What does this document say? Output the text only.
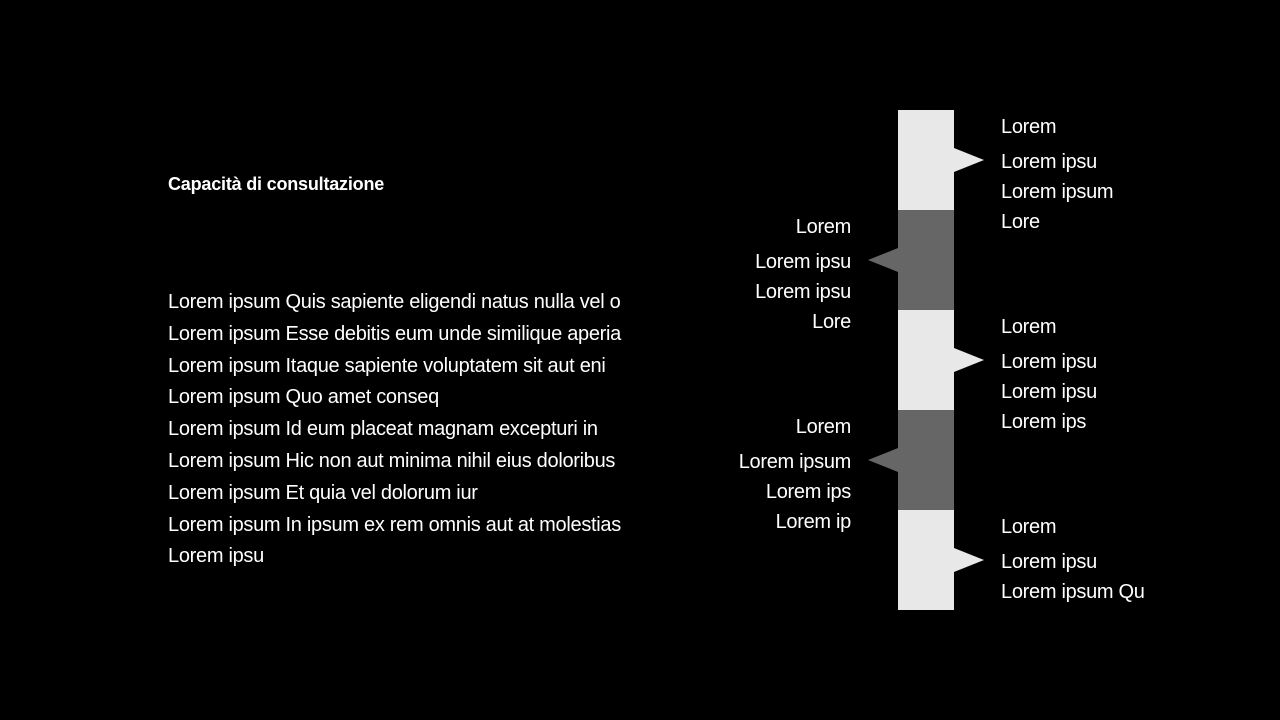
Capacità di consultazione
Lorem ipsum Quis sapiente eligendi natus nulla vel o
Lorem ipsum Esse debitis eum unde similique aperia
Lorem ipsum Itaque sapiente voluptatem sit aut eni
Lorem ipsum Quo amet conseq
Lorem ipsum Id eum placeat magnam excepturi in
Lorem ipsum Hic non aut minima nihil eius doloribus
Lorem ipsum Et quia vel dolorum iur
Lorem ipsum In ipsum ex rem omnis aut at molestias
Lorem ipsu
Lorem
Lorem ipsu
Lorem ipsum
Lore
Lorem
Lorem ipsu
Lorem ipsu
Lore	Lorem
Lorem ipsu
Lorem ipsu
Lorem ips
Lorem
Lorem ipsum
Lorem ips
Lorem ip	Lorem
Lorem ipsu
Lorem ipsum Qu
